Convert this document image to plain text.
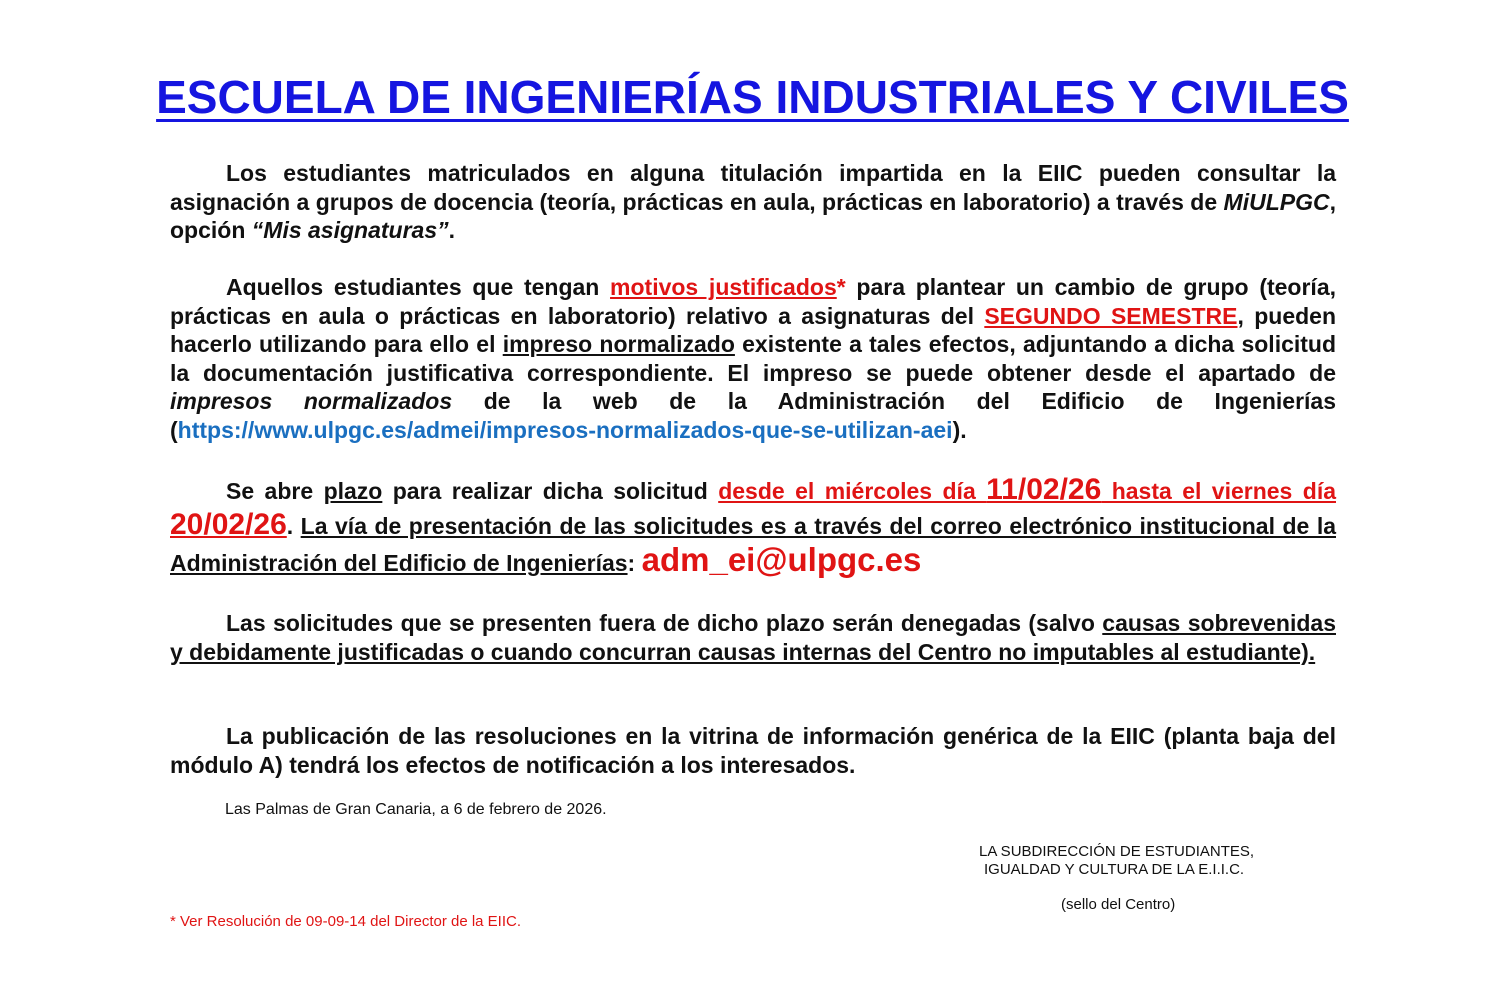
ESCUELA DE INGENIERÍAS INDUSTRIALES Y CIVILES

Los estudiantes matriculados en alguna titulación impartida en la EIIC pueden consultar la asignación a grupos de docencia (teoría, prácticas en aula, prácticas en laboratorio) a través de MiULPGC, opción “Mis asignaturas”.

Aquellos estudiantes que tengan motivos justificados* para plantear un cambio de grupo (teoría, prácticas en aula o prácticas en laboratorio) relativo a asignaturas del SEGUNDO SEMESTRE, pueden hacerlo utilizando para ello el impreso normalizado existente a tales efectos, adjuntando a dicha solicitud la documentación justificativa correspondiente. El impreso se puede obtener desde el apartado de impresos normalizados de la web de la Administración del Edificio de Ingenierías (https://www.ulpgc.es/admei/impresos-normalizados-que-se-utilizan-aei).

Se abre plazo para realizar dicha solicitud desde el miércoles día 11/02/26 hasta el viernes día 20/02/26. La vía de presentación de las solicitudes es a través del correo electrónico institucional de la Administración del Edificio de Ingenierías: adm_ei@ulpgc.es

Las solicitudes que se presenten fuera de dicho plazo serán denegadas (salvo causas sobrevenidas y debidamente justificadas o cuando concurran causas internas del Centro no imputables al estudiante).

La publicación de las resoluciones en la vitrina de información genérica de la EIIC (planta baja del módulo A) tendrá los efectos de notificación a los interesados.

Las Palmas de Gran Canaria, a 6 de febrero de 2026.

LA SUBDIRECCIÓN DE ESTUDIANTES,

IGUALDAD Y CULTURA DE LA E.I.I.C.

(sello del Centro)

* Ver Resolución de 09-09-14 del Director de la EIIC.
